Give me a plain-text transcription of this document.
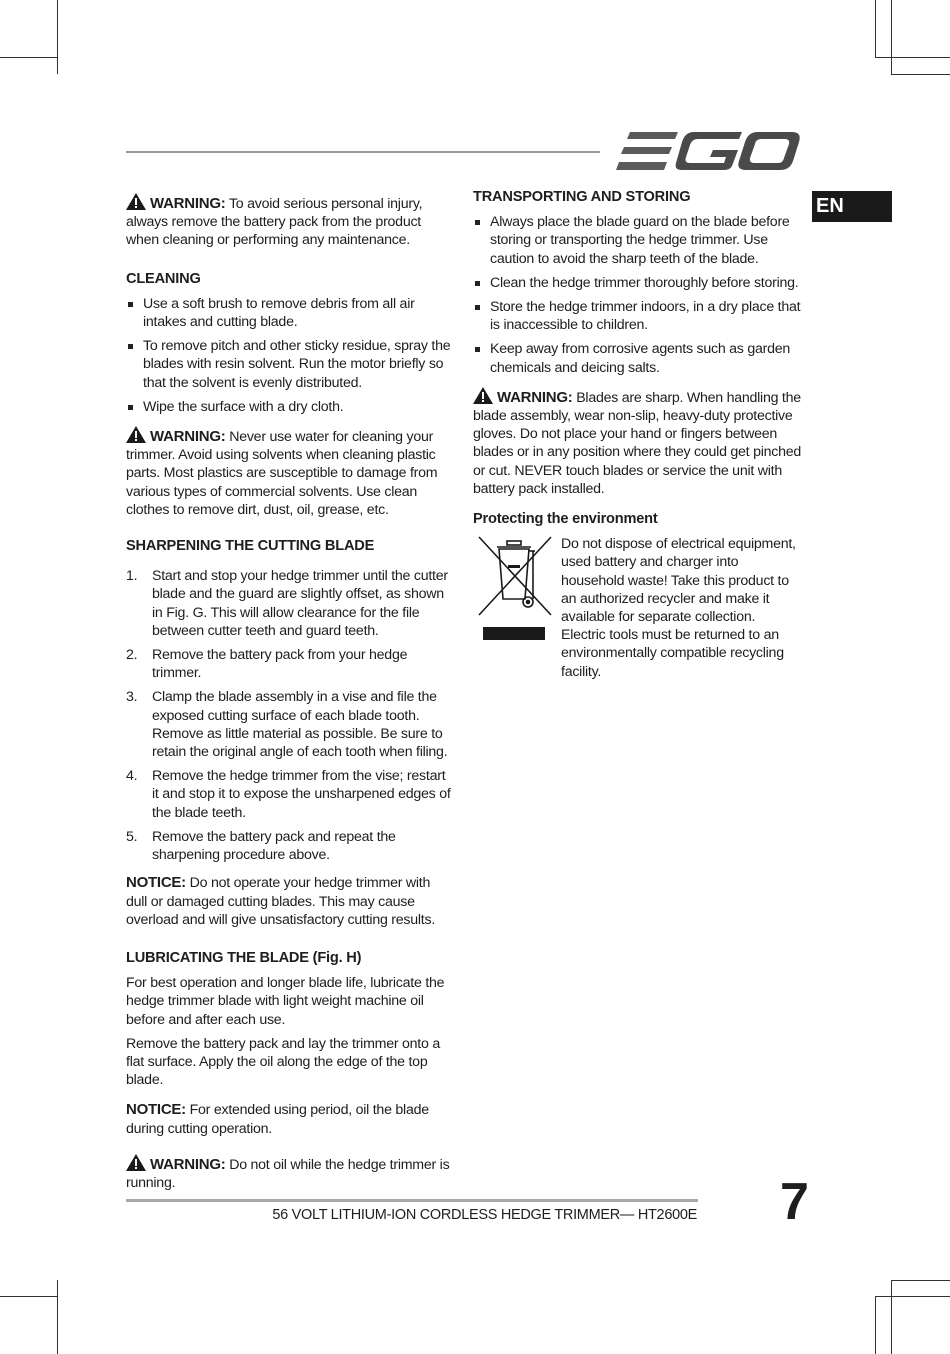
EN

WARNING: To avoid serious personal injury, always remove the battery pack from the product when cleaning or performing any maintenance.

CLEANING
Use a soft brush to remove debris from all air intakes and cutting blade.
To remove pitch and other sticky residue, spray the blades with resin solvent. Run the motor briefly so that the solvent is evenly distributed.
Wipe the surface with a dry cloth.

WARNING: Never use water for cleaning your trimmer. Avoid using solvents when cleaning plastic parts. Most plastics are susceptible to damage from various types of commercial solvents. Use clean clothes to remove dirt, dust, oil, grease, etc.

SHARPENING THE CUTTING BLADE
1. Start and stop your hedge trimmer until the cutter blade and the guard are slightly offset, as shown in Fig. G. This will allow clearance for the file between cutter teeth and guard teeth.
2. Remove the battery pack from your hedge trimmer.
3. Clamp the blade assembly in a vise and file the exposed cutting surface of each blade tooth. Remove as little material as possible. Be sure to retain the original angle of each tooth when filing.
4. Remove the hedge trimmer from the vise; restart it and stop it to expose the unsharpened edges of the blade teeth.
5. Remove the battery pack and repeat the sharpening procedure above.

NOTICE: Do not operate your hedge trimmer with dull or damaged cutting blades. This may cause overload and will give unsatisfactory cutting results.

LUBRICATING THE BLADE (Fig. H)

For best operation and longer blade life, lubricate the hedge trimmer blade with light weight machine oil before and after each use.

Remove the battery pack and lay the trimmer onto a flat surface. Apply the oil along the edge of the top blade.

NOTICE: For extended using period, oil the blade during cutting operation.

WARNING: Do not oil while the hedge trimmer is running.

TRANSPORTING AND STORING
Always place the blade guard on the blade before storing or transporting the hedge trimmer. Use caution to avoid the sharp teeth of the blade.
Clean the hedge trimmer thoroughly before storing.
Store the hedge trimmer indoors, in a dry place that is inaccessible to children.
Keep away from corrosive agents such as garden chemicals and deicing salts.

WARNING: Blades are sharp. When handling the blade assembly, wear non-slip, heavy-duty protective gloves. Do not place your hand or fingers between blades or in any position where they could get pinched or cut. NEVER touch blades or service the unit with battery pack installed.

Protecting the environment

Do not dispose of electrical equipment, used battery and charger into household waste! Take this product to an authorized recycler and make it available for separate collection. Electric tools must be returned to an environmentally compatible recycling facility.

56 VOLT LITHIUM-ION CORDLESS HEDGE TRIMMER— HT2600E 7
